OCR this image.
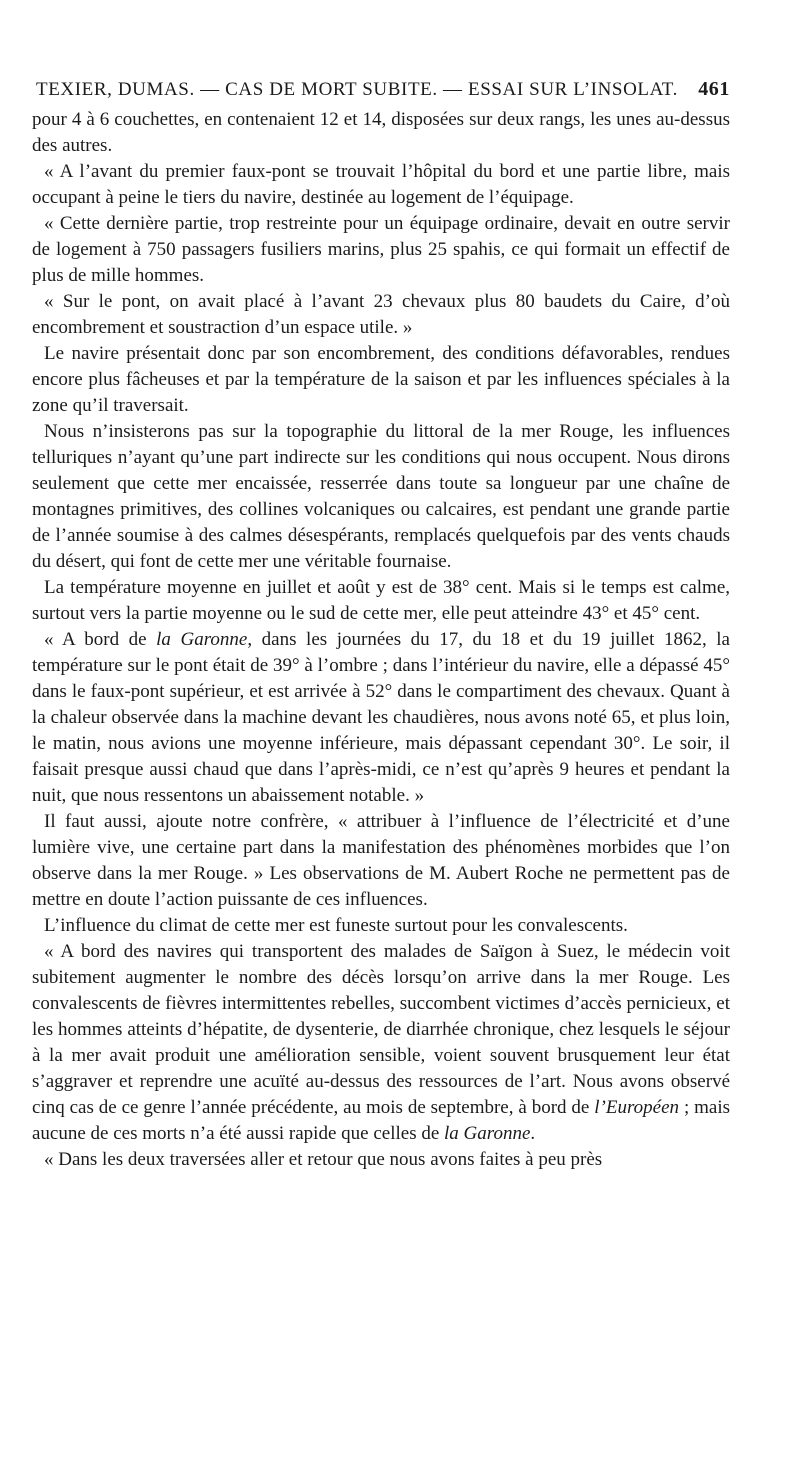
TEXIER, DUMAS. — CAS DE MORT SUBITE. — ESSAI SUR L’INSOLAT. 461

pour 4 à 6 couchettes, en contenaient 12 et 14, disposées sur deux rangs, les unes au-dessus des autres.

« A l’avant du premier faux-pont se trouvait l’hôpital du bord et une partie libre, mais occupant à peine le tiers du navire, destinée au logement de l’équipage.

« Cette dernière partie, trop restreinte pour un équipage ordinaire, devait en outre servir de logement à 750 passagers fusiliers marins, plus 25 spahis, ce qui formait un effectif de plus de mille hommes.

« Sur le pont, on avait placé à l’avant 23 chevaux plus 80 baudets du Caire, d’où encombrement et soustraction d’un espace utile. »

Le navire présentait donc par son encombrement, des conditions défavorables, rendues encore plus fâcheuses et par la température de la saison et par les influences spéciales à la zone qu’il traversait.

Nous n’insisterons pas sur la topographie du littoral de la mer Rouge, les influences telluriques n’ayant qu’une part indirecte sur les conditions qui nous occupent. Nous dirons seulement que cette mer encaissée, resserrée dans toute sa longueur par une chaîne de montagnes primitives, des collines volcaniques ou calcaires, est pendant une grande partie de l’année soumise à des calmes désespérants, remplacés quelquefois par des vents chauds du désert, qui font de cette mer une véritable fournaise.

La température moyenne en juillet et août y est de 38° cent. Mais si le temps est calme, surtout vers la partie moyenne ou le sud de cette mer, elle peut atteindre 43° et 45° cent.

« A bord de la Garonne, dans les journées du 17, du 18 et du 19 juillet 1862, la température sur le pont était de 39° à l’ombre ; dans l’intérieur du navire, elle a dépassé 45° dans le faux-pont supérieur, et est arrivée à 52° dans le compartiment des chevaux. Quant à la chaleur observée dans la machine devant les chaudières, nous avons noté 65, et plus loin, le matin, nous avions une moyenne inférieure, mais dépassant cependant 30°. Le soir, il faisait presque aussi chaud que dans l’après-midi, ce n’est qu’après 9 heures et pendant la nuit, que nous ressentons un abaissement notable. »

Il faut aussi, ajoute notre confrère, « attribuer à l’influence de l’électricité et d’une lumière vive, une certaine part dans la manifestation des phénomènes morbides que l’on observe dans la mer Rouge. » Les observations de M. Aubert Roche ne permettent pas de mettre en doute l’action puissante de ces influences.

L’influence du climat de cette mer est funeste surtout pour les convalescents.

« A bord des navires qui transportent des malades de Saïgon à Suez, le médecin voit subitement augmenter le nombre des décès lorsqu’on arrive dans la mer Rouge. Les convalescents de fièvres intermittentes rebelles, succombent victimes d’accès pernicieux, et les hommes atteints d’hépatite, de dysenterie, de diarrhée chronique, chez lesquels le séjour à la mer avait produit une amélioration sensible, voient souvent brusquement leur état s’aggraver et reprendre une acuïté au-dessus des ressources de l’art. Nous avons observé cinq cas de ce genre l’année précédente, au mois de septembre, à bord de l’Européen ; mais aucune de ces morts n’a été aussi rapide que celles de la Garonne.

« Dans les deux traversées aller et retour que nous avons faites à peu près
